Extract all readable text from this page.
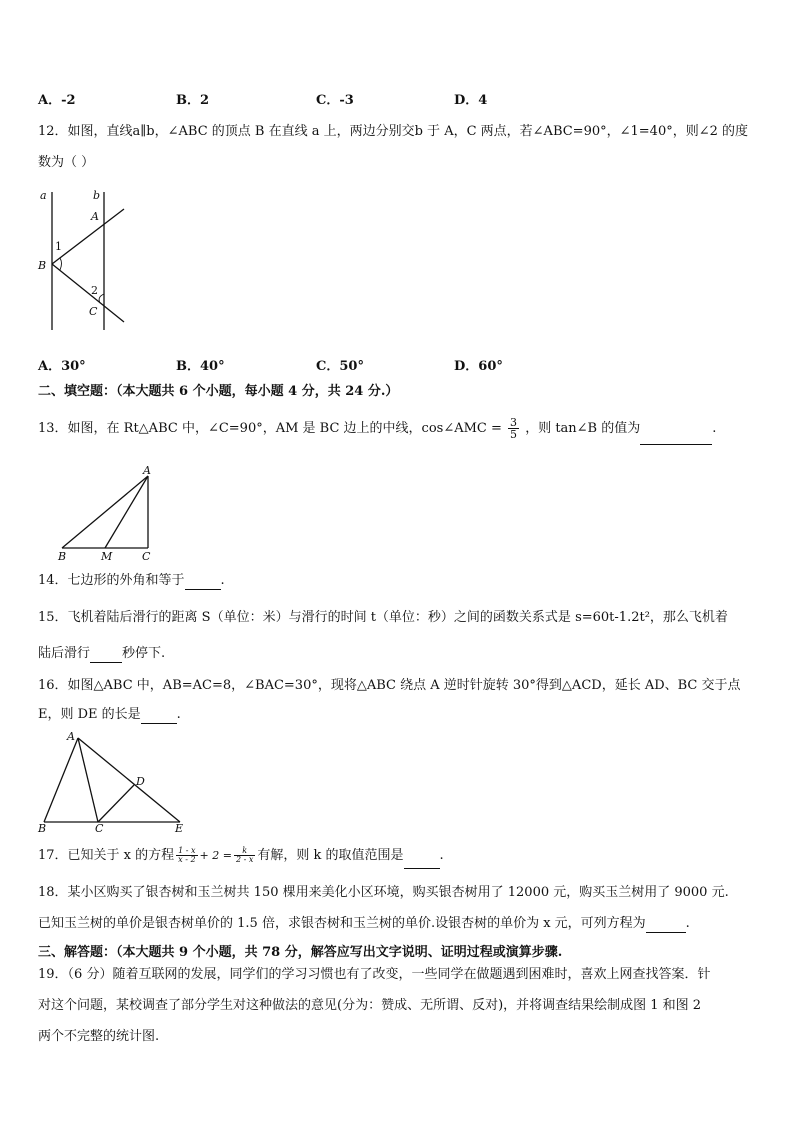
A．-2	B．2	C．-3	D．4
12．如图，直线a∥b，∠ABC 的顶点 B 在直线 a 上，两边分别交b 于 A，C 两点，若∠ABC=90°，∠1=40°，则∠2 的度
数为（ ）
a	b
A
B
1
2
C
A．30°	B．40°	C．50°	D．60°
二、填空题：（本大题共 6 个小题，每小题 4 分，共 24 分.）
13．如图，在 Rt△ABC 中，∠C=90°，AM 是 BC 边上的中线，cos∠AMC = $\frac{3}{5}$ ，则 tan∠B 的值为	.
A
B	M	C
14．七边形的外角和等于	.
15．飞机着陆后滑行的距离 S（单位：米）与滑行的时间 t（单位：秒）之间的函数关系式是 s=60t-1.2t²，那么飞机着
陆后滑行 秒停下.
16．如图△ABC 中，AB=AC=8，∠BAC=30°，现将△ABC 绕点 A 逆时针旋转 30°得到△ACD，延长 AD、BC 交于点
E，则 DE 的长是	.
A
B	C
D
E
17．已知关于 x 的方程 $\frac{1 - x}{x - 2} + 2 = \frac{k}{2 - x}$ 有解，则 k 的取值范围是	.
18．某小区购买了银杏树和玉兰树共 150 棵用来美化小区环境，购买银杏树用了 12000 元，购买玉兰树用了 9000 元.
已知玉兰树的单价是银杏树单价的 1.5 倍，求银杏树和玉兰树的单价.设银杏树的单价为 x 元，可列方程为	.
三、解答题：（本大题共 9 个小题，共 78 分，解答应写出文字说明、证明过程或演算步骤.
19．（6 分）随着互联网的发展，同学们的学习习惯也有了改变，一些同学在做题遇到困难时，喜欢上网查找答案．针
对这个问题，某校调查了部分学生对这种做法的意见(分为：赞成、无所谓、反对)，并将调查结果绘制成图 1 和图 2
两个不完整的统计图.
